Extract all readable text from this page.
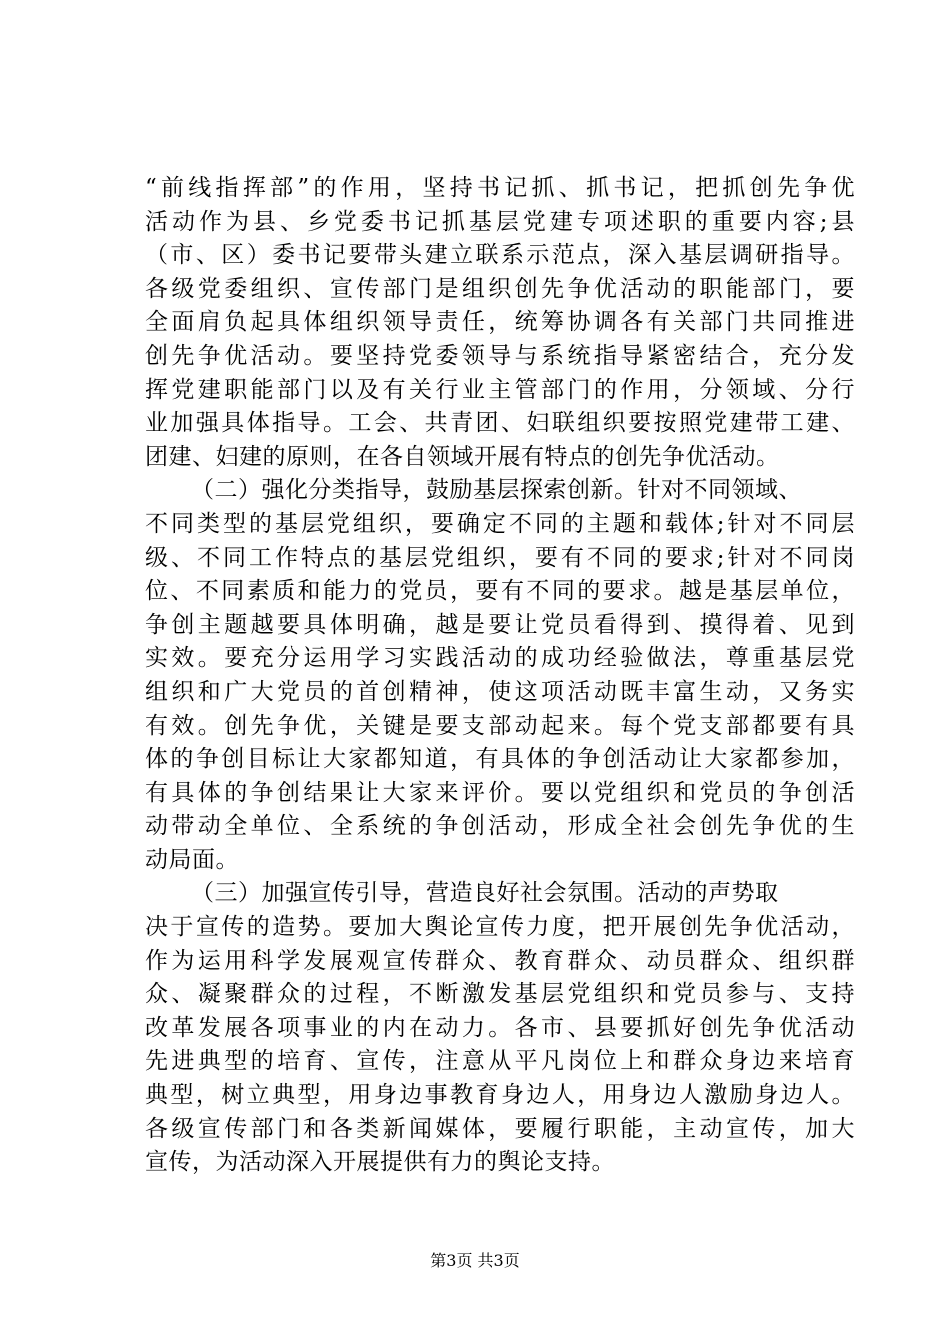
“前线指挥部”的作用，坚持书记抓、抓书记，把抓创先争优
活动作为县、乡党委书记抓基层党建专项述职的重要内容;县
（市、区）委书记要带头建立联系示范点，深入基层调研指导。
各级党委组织、宣传部门是组织创先争优活动的职能部门，要
全面肩负起具体组织领导责任，统筹协调各有关部门共同推进
创先争优活动。要坚持党委领导与系统指导紧密结合，充分发
挥党建职能部门以及有关行业主管部门的作用，分领域、分行
业加强具体指导。工会、共青团、妇联组织要按照党建带工建、
团建、妇建的原则，在各自领域开展有特点的创先争优活动。
（二）强化分类指导，鼓励基层探索创新。针对不同领域、
不同类型的基层党组织，要确定不同的主题和载体;针对不同层
级、不同工作特点的基层党组织，要有不同的要求;针对不同岗
位、不同素质和能力的党员，要有不同的要求。越是基层单位，
争创主题越要具体明确，越是要让党员看得到、摸得着、见到
实效。要充分运用学习实践活动的成功经验做法，尊重基层党
组织和广大党员的首创精神，使这项活动既丰富生动，又务实
有效。创先争优，关键是要支部动起来。每个党支部都要有具
体的争创目标让大家都知道，有具体的争创活动让大家都参加，
有具体的争创结果让大家来评价。要以党组织和党员的争创活
动带动全单位、全系统的争创活动，形成全社会创先争优的生
动局面。
（三）加强宣传引导，营造良好社会氛围。活动的声势取
决于宣传的造势。要加大舆论宣传力度，把开展创先争优活动，
作为运用科学发展观宣传群众、教育群众、动员群众、组织群
众、凝聚群众的过程，不断激发基层党组织和党员参与、支持
改革发展各项事业的内在动力。各市、县要抓好创先争优活动
先进典型的培育、宣传，注意从平凡岗位上和群众身边来培育
典型，树立典型，用身边事教育身边人，用身边人激励身边人。
各级宣传部门和各类新闻媒体，要履行职能，主动宣传，加大
宣传，为活动深入开展提供有力的舆论支持。
第3页 共3页
